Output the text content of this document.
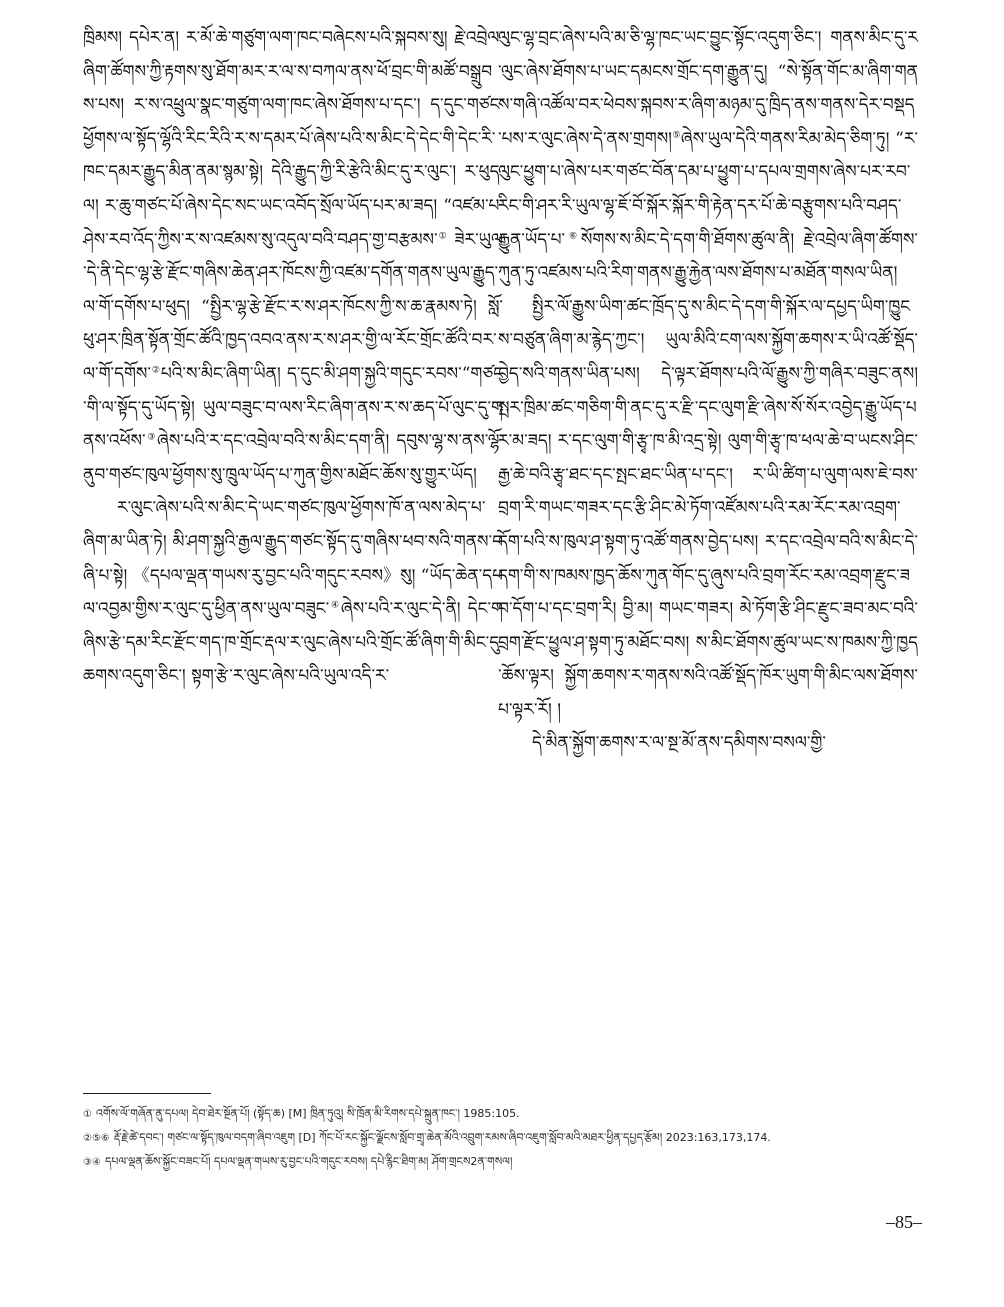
ཁྲིམས། དཔེར་ན། ར་མོ་ཆེ་གཙུག་ལག་ཁང་བཞེངས་པའི་སྐབས་སུ། རྗེ་འབྲེལ་ཞིག་ཚོགས་ཀྱི་རྟགས་སུ་ཐོག་མར་ར་ལ་ས་བཀལ་ནས་ཕོ་བྲང་གི་མཚོ་བསྒྲུབས་པས། ར་ས་འཕྲུལ་སྣང་གཙུག་ལག་ཁང་ཞེས་ཐོགས་པ་དང་། ད་དུང་གཙང་ཕྱོགས་ལ་སྟོད་ལྷོའི་རིང་རིའི་ར་ས་དམར་པོ་ཞེས་པའི་ས་མིང་དེ་དེང་གི་དེང་རི་ཁང་དམར་རྒྱུད་མིན་ནམ་སྙམ་སྟེ། དེའི་རྒྱུད་ཀྱི་རི་རྩེའི་མིང་དུ་ར་ལུང་། ར་ཕུད་ལ། ར་ཆུ་གཙང་པོ་ཞེས་དེང་སང་ཡང་འབོད་སྲོལ་ཡོད་པར་མ་ཟད། “འཛམ་པ་ཤེས་རབ་འོད་ཀྱིས་ར་ས་འཛམས་སུ་འདུལ་བའི་བཤད་གྱ་བརྩམས་① ཟེར་ཡུལ་དེ་ནི་དེང་ལྷ་རྩེ་རྫོང་གཞིས་ཆེན་ཤར་ཁོངས་ཀྱི་འཛམ་དགོན་གནས་ཡུལ་རྒྱུད་ལ་གོ་དགོས་པ་ཕུད། “སྤྱིར་ལྷ་རྩེ་རྫོང་ར་ས་ཤར་ཁོངས་ཀྱི་ས་ཆ་རྣམས་ཏེ། སློ་ཕུ་ཤར་ཁྲིན་སྟོན་གྲོང་ཚོའི་ཁྱད་འབའ་ནས་ར་ས་ཤར་གྱི་ལ་རོང་གྲོང་ཚོའི་བར་ལ་གོ་དགོས་②པའི་ས་མིང་ཞིག་ཡིན། ད་དུང་མི་ཤག་སྐྱའི་གདུང་རབས་“གཙང་གི་ལ་སྟོད་དུ་ཡོད་སྟེ། ཡུལ་བཟུང་བ་ལས་རིང་ཞིག་ནས་ར་ས་ཆད་པོ་ལུང་དུ་གནས་འཕོས་③ཞེས་པའི་ར་དང་འབྲེལ་བའི་ས་མིང་དག་ནི། དབུས་ལྷ་ས་ནས་ལྷོ་ནུབ་གཙང་ཁུལ་ཕྱོགས་སུ་ཁྲུལ་ཡོད་པ་ཀུན་གྱིས་མཐོང་ཆོས་སུ་གྱུར་ཡོད།

ར་ལུང་ཞེས་པའི་ས་མིང་དེ་ཡང་གཙང་ཁུལ་ཕྱོགས་ཁོ་ན་ལས་མེད་པ་ཞིག་མ་ཡིན་ཏེ། མི་ཤག་སྐྱའི་རྒྱལ་རྒྱུད་གཙང་སྟོད་དུ་གཞིས་ཕབ་སའི་གནས་བཞི་པ་སྟེ། 《དཔལ་ལྡན་གཡས་རུ་བྱང་པའི་གདུང་རབས》སུ། “ཡོད་ཆེན་དཔལ་འབྱམ་གྱིས་ར་ལུང་དུ་ཕྱིན་ནས་ཡུལ་བཟུང་④ཞེས་པའི་ར་ལུང་དེ་ནི། དེང་གཞིས་རྩེ་དམ་རིང་རྫོང་གད་ཁ་གྲོང་རྡལ་ར་ལུང་ཞེས་པའི་གྲོང་ཚོ་ཞིག་གི་མིང་དུ་ཆགས་འདུག་ཅིང་། སྟག་རྩེ་ར་ལུང་ཞེས་པའི་ཡུལ་འདི་ར་

ལུང་ལྷ་བྲང་ཞེས་པའི་མ་ཅི་ལྷ་ཁང་ཡང་བྱུང་སྟོང་འདུག་ཅིང་། གནས་མིང་དུ་ར་ལུང་ཞེས་ཐོགས་པ་ཡང་དམངས་གྲོང་དག་རྒྱུན་དུ། “སེ་སྟོན་གོང་མ་ཞིག་གནས་གཞི་འཚོལ་བར་ཕེབས་སྐབས་ར་ཞིག་མཉམ་དུ་ཁྲིད་ནས་གནས་དེར་བསྡད་པས་ར་ལུང་ཞེས་དེ་ནས་གྲགས།⑤ཞེས་ཡུལ་དེའི་གནས་རིམ་མེད་ཅིག་ཏུ། “ར་ལུང་ཕྱུག་པ་ཞེས་པར་གཙང་བོན་དམ་པ་ཕྱུག་པ་དཔལ་གྲགས་ཞེས་པར་རབ་རིང་གི་ཤར་རི་ཡུལ་ལྷ་ཇོ་བོ་སྐོར་སྐོར་གི་རྟེན་དར་པོ་ཆེ་བརྩུགས་པའི་བཤད་རྒྱུན་ཡོད་པ་⑥སོགས་ས་མིང་དེ་དག་གི་ཐོགས་ཚུལ་ནི། རྗེ་འབྲེལ་ཞིག་ཚོགས་ཀུན་ཏུ་འཛམས་པའི་རིག་གནས་རྒྱུ་རྐྱེན་ལས་ཐོགས་པ་མཐོན་གསལ་ཡིན།

སྤྱིར་ལོ་རྒྱུས་ཡིག་ཚང་ཁྲོད་དུ་ས་མིང་དེ་དག་གི་སྐོར་ལ་དཔྱད་ཡིག་ཁྱུངས་བཙུན་ཞིག་མ་རྙེད་ཀྱང་། ཡུལ་མིའི་ངག་ལས་སྐྱོག་ཆགས་ར་ཡི་འཚོ་སྡོད་བྱེད་སའི་གནས་ཡིན་པས། དེ་ལྟར་ཐོགས་པའི་ལོ་རྒྱུས་ཀྱི་གཞིར་བཟུང་ནས། སྤར་ཁྲིམ་ཚང་གཅིག་གི་ནང་དུ་ར་རྫི་དང་ལུག་རྫི་ཞེས་སོ་སོར་འབྱེད་རྒྱུ་ཡོད་པར་མ་ཟད། ར་དང་ལུག་གི་རྩྭ་ཁ་མི་འདྲ་སྟེ། ལུག་གི་རྩྭ་ཁ་ཕལ་ཆེ་བ་ཡངས་ཤིང་རྒྱ་ཆེ་བའི་རྩྭ་ཐང་དང་སྤང་ཐང་ཡིན་པ་དང་། ར་ཡི་ཚིག་པ་ལུག་ལས་ཇེ་བས་བྲག་རི་གཡང་གཟར་དང་རྩི་ཤིང་མེ་ཏོག་འཛོམས་པའི་རམ་རོང་རམ་འབྲག་དོག་པའི་ས་ཁུལ་ཤ་སྟག་ཏུ་འཚོ་གནས་བྱེད་པས། ར་དང་འབྲེལ་བའི་ས་མིང་དེ་དག་གི་ས་ཁམས་ཁྱད་ཆོས་ཀུན་གོང་དུ་ཞུས་པའི་བྲག་རོང་རམ་འབྲག་རྫུང་ཟབ་དོག་པ་དང་བྲག་རི། བྱི་མ། གཡང་གཟར། མེ་ཏོག་རྩི་ཤིང་རྫུང་ཟབ་མང་བའི་བྲག་རྫོང་ཕྱུལ་ཤ་སྟག་ཏུ་མཐོང་བས། ས་མིང་ཐོགས་ཚུལ་ཡང་ས་ཁམས་ཀྱི་ཁྱད་ཆོས་ལྟར། སྐྱོག་ཆགས་ར་གནས་སའི་འཚོ་སྡོད་ཁོར་ཡུག་གི་མིང་ལས་ཐོགས་པ་ལྟར་རོ། །

དེ་མིན་སྐྱོག་ཆགས་ར་ལ་སྔ་མོ་ནས་དམིགས་བསལ་གྱི་

① འགོས་ལོ་གཞོན་ནུ་དཔལ། དེབ་ཐེར་སྔོན་པོ། (སྟོད་ཆ) [M] ཁྲིན་ཏུའུ། སི་ཁྲོན་མི་རིགས་དཔེ་སྐྲུན་ཁང་། 1985:105.
②⑤⑥ རྡོ་རྗེ་ཚེ་དབང་། གཙང་ལ་སྟོད་ཁུལ་བདག་ཞིབ་འཇུག [D] ཀོང་པོ་རང་སྐྱོང་ལྗོངས་སློབ་གྲྭ་ཆེན་མོའི་འབྲུག་རམས་ཞིབ་འཇུག་སློབ་མའི་མཐར་ཕྱིན་དཔྱད་རྩོམ། 2023:163,173,174.
③④ དཔལ་ལྡན་ཆོས་སྐྱོང་བཟང་པོ། དཔལ་ལྡན་གཡས་རུ་བྱང་པའི་གདུང་རབས། དཔེ་རྙིང་ཐིག་མ། ཤོག་གྲངས2ན་གསལ།
–85–
